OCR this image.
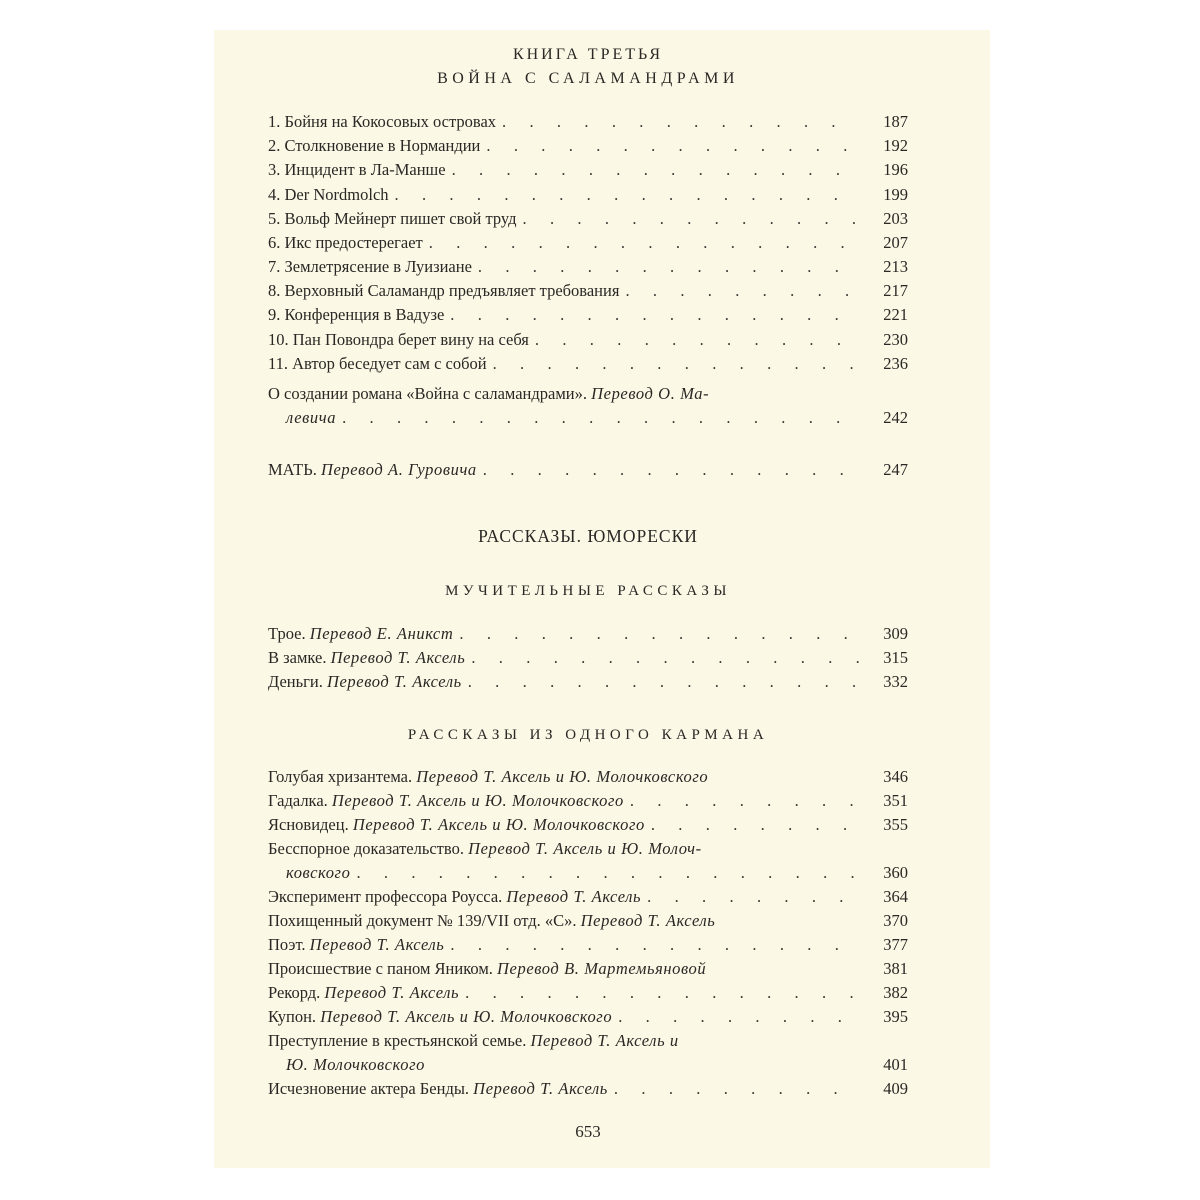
КНИГА ТРЕТЬЯ
ВОЙНА С САЛАМАНДРАМИ
1. Бойня на Кокосовых островах . . .	187
2. Столкновение в Нормандии . . .	192
3. Инцидент в Ла-Манше . . .	196
4. Der Nordmolch . . .	199
5. Вольф Мейнерт пишет свой труд . . .	203
6. Икс предостерегает . . .	207
7. Землетрясение в Луизиане . . .	213
8. Верховный Саламандр предъявляет требования . . .	217
9. Конференция в Вадузе . . .	221
10. Пан Повондра берет вину на себя . . .	230
11. Автор беседует сам с собой . . .	236
О создании романа «Война с саламандрами». Перевод О. Ма-
левича . . .	242
МАТЬ. Перевод А. Гуровича . . .	247
РАССКАЗЫ. ЮМОРЕСКИ
МУЧИТЕЛЬНЫЕ РАССКАЗЫ
Трое. Перевод Е. Аникст . . .	309
В замке. Перевод Т. Аксель . . .	315
Деньги. Перевод Т. Аксель . . .	332
РАССКАЗЫ ИЗ ОДНОГО КАРМАНА
Голубая хризантема. Перевод Т. Аксель и Ю. Молочковского	346
Гадалка. Перевод Т. Аксель и Ю. Молочковского . . .	351
Ясновидец. Перевод Т. Аксель и Ю. Молочковского . . .	355
Бесспорное доказательство. Перевод Т. Аксель и Ю. Молоч-
ковского . . .	360
Эксперимент профессора Роусса. Перевод Т. Аксель . . .	364
Похищенный документ № 139/VII отд. «С». Перевод Т. Аксель	370
Поэт. Перевод Т. Аксель . . .	377
Происшествие с паном Яником. Перевод В. Мартемьяновой	381
Рекорд. Перевод Т. Аксель . . .	382
Купон. Перевод Т. Аксель и Ю. Молочковского . . .	395
Преступление в крестьянской семье. Перевод Т. Аксель и
Ю. Молочковского	401
Исчезновение актера Бенды. Перевод Т. Аксель . . .	409
653
